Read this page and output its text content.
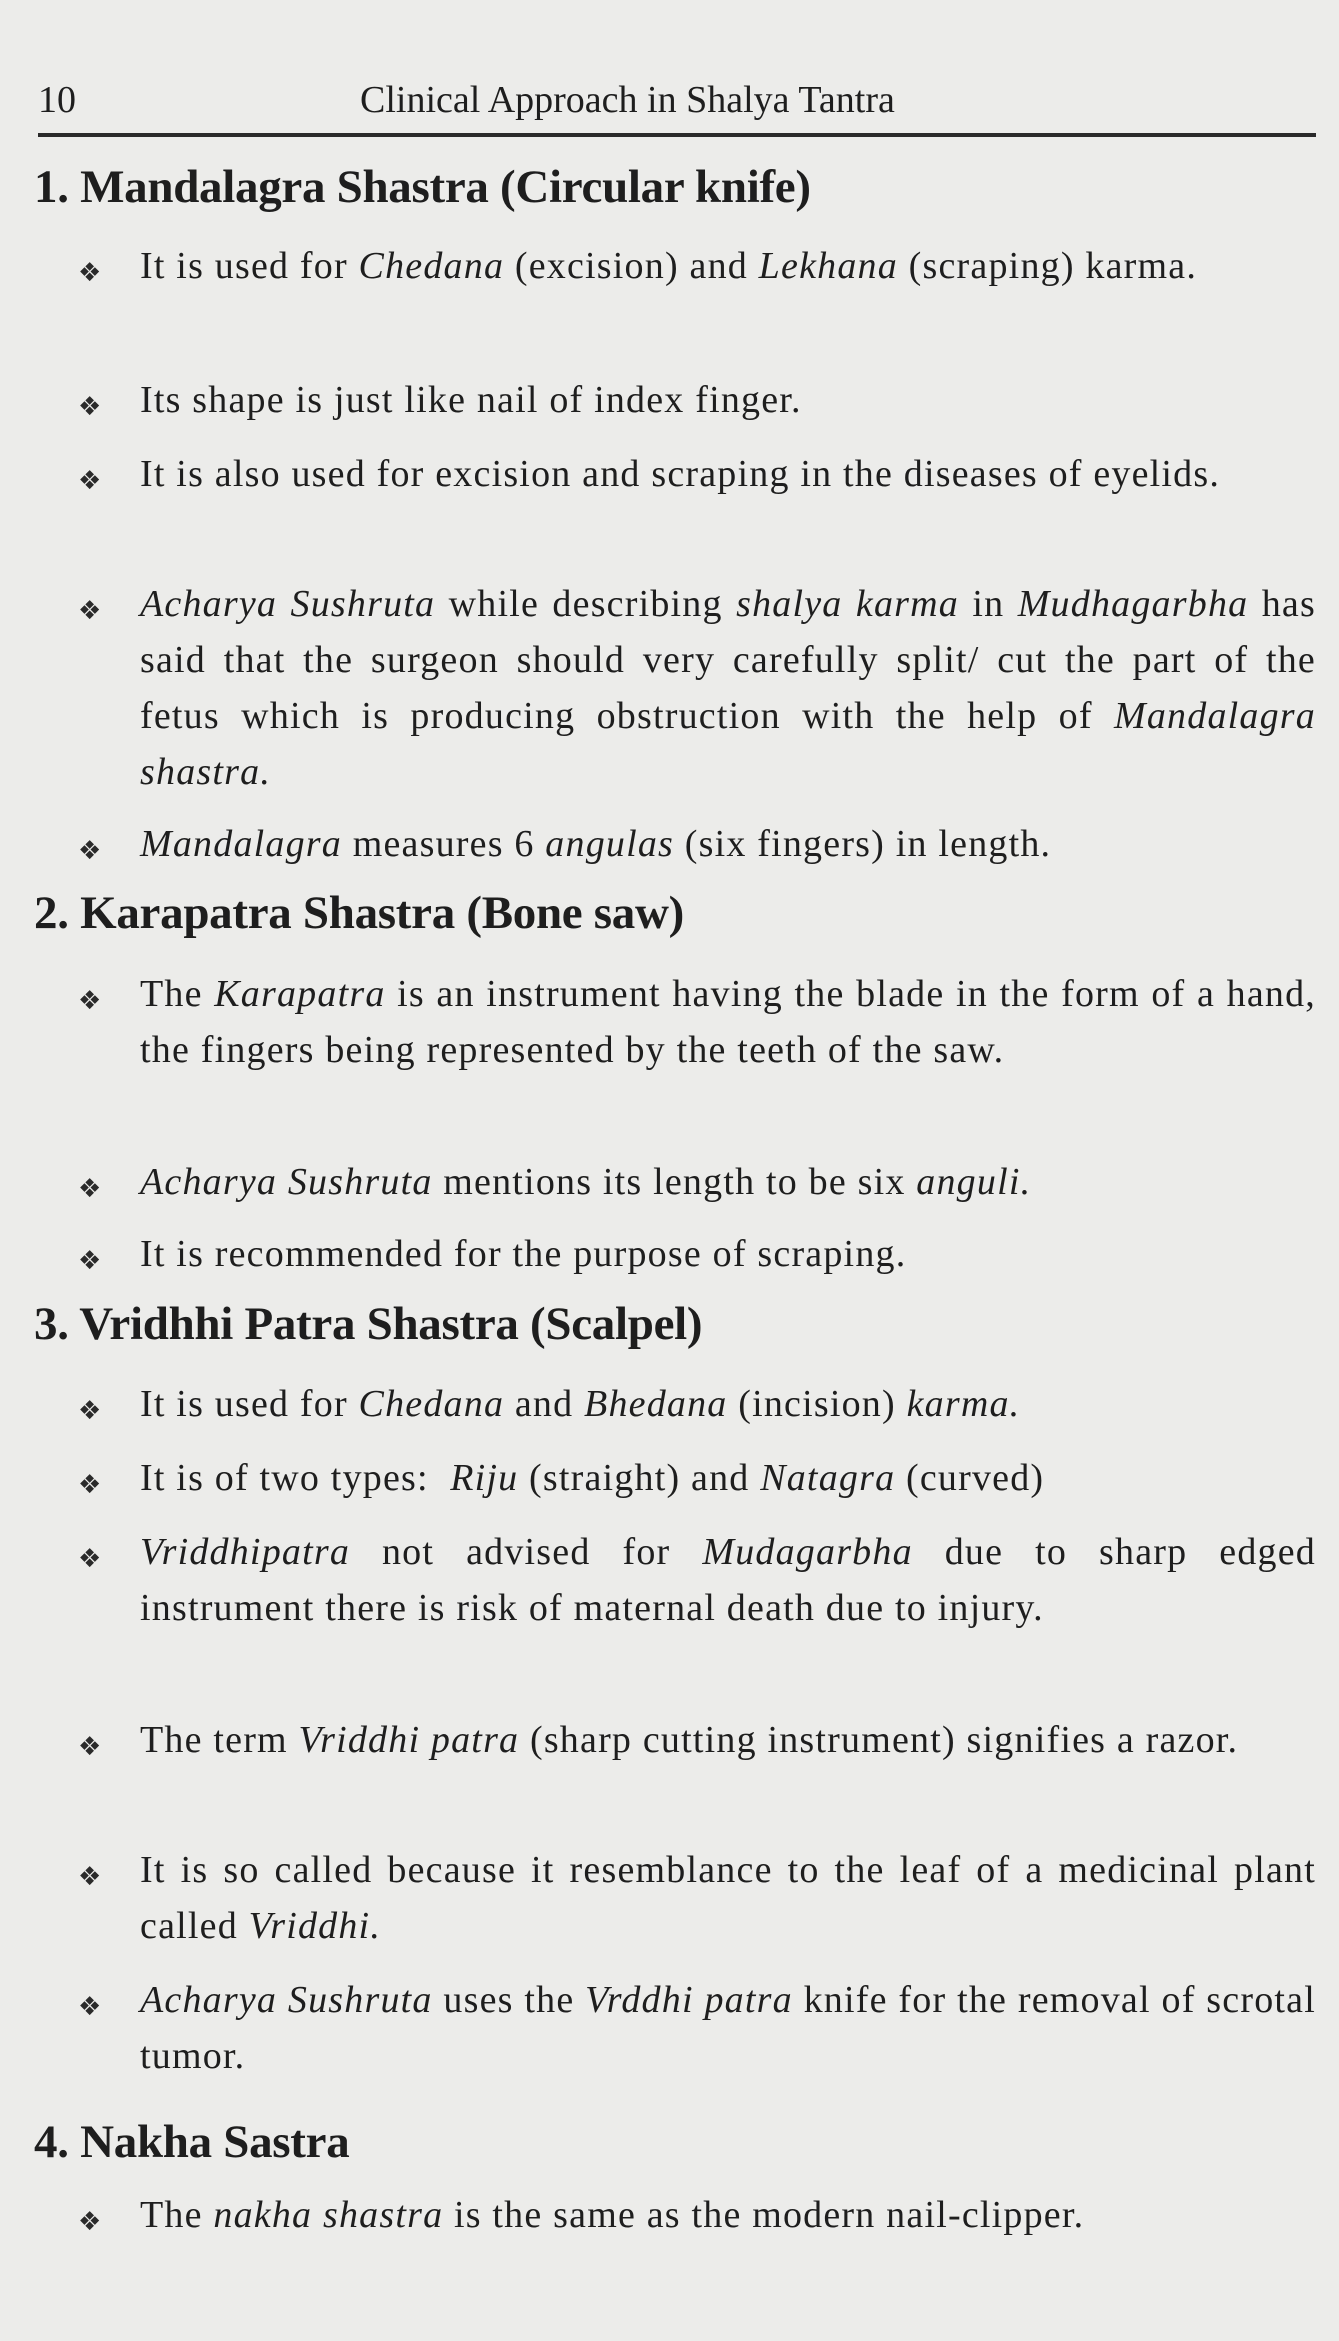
10	Clinical Approach in Shalya Tantra
1. Mandalagra Shastra (Circular knife)
❖ It is used for Chedana (excision) and Lekhana (scraping) karma.
❖ Its shape is just like nail of index finger.
❖ It is also used for excision and scraping in the diseases of eyelids.
❖ Acharya Sushruta while describing shalya karma in Mudhagarbha has said that the surgeon should very carefully split/ cut the part of the fetus which is producing obstruction with the help of Mandalagra shastra.
❖ Mandalagra measures 6 angulas (six fingers) in length.
2. Karapatra Shastra (Bone saw)
❖ The Karapatra is an instrument having the blade in the form of a hand, the fingers being represented by the teeth of the saw.
❖ Acharya Sushruta mentions its length to be six anguli.
❖ It is recommended for the purpose of scraping.
3. Vridhhi Patra Shastra (Scalpel)
❖ It is used for Chedana and Bhedana (incision) karma.
❖ It is of two types:  Riju (straight) and Natagra (curved)
❖ Vriddhipatra not advised for Mudagarbha due to sharp edged instrument there is risk of maternal death due to injury.
❖ The term Vriddhi patra (sharp cutting instrument) signifies a razor.
❖ It is so called because it resemblance to the leaf of a medicinal plant called Vriddhi.
❖ Acharya Sushruta uses the Vrddhi patra knife for the removal of scrotal tumor.
4. Nakha Sastra
❖ The nakha shastra is the same as the modern nail-clipper.
